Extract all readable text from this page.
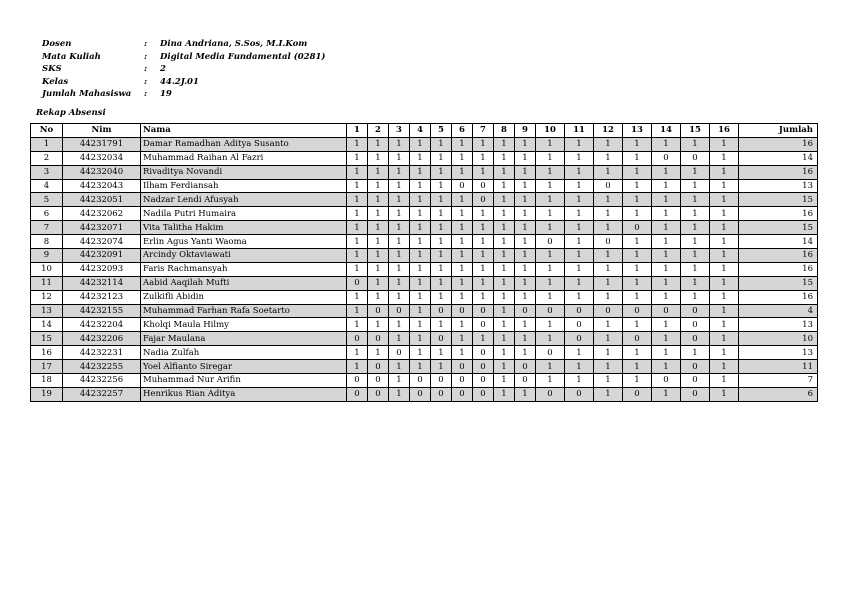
Dosen	:	Dina Andriana, S.Sos, M.I.Kom
Mata Kuliah	:	Digital Media Fundamental (0281)
SKS	:	2
Kelas	:	44.2J.01
Jumlah Mahasiswa	:	19
Rekap Absensi
No	Nim	Nama	1	2	3	4	5	6	7	8	9	10	11	12	13	14	15	16	Jumlah
1	44231791	Damar Ramadhan Aditya Susanto	1	1	1	1	1	1	1	1	1	1	1	1	1	1	1	1	16
2	44232034	Muhammad Raihan Al Fazri	1	1	1	1	1	1	1	1	1	1	1	1	1	0	0	1	14
3	44232040	Rivaditya Novandi	1	1	1	1	1	1	1	1	1	1	1	1	1	1	1	1	16
4	44232043	Ilham Ferdiansah	1	1	1	1	1	0	0	1	1	1	1	0	1	1	1	1	13
5	44232051	Nadzar Lendi Afusyah	1	1	1	1	1	1	0	1	1	1	1	1	1	1	1	1	15
6	44232062	Nadila Putri Humaira	1	1	1	1	1	1	1	1	1	1	1	1	1	1	1	1	16
7	44232071	Vita Talitha Hakim	1	1	1	1	1	1	1	1	1	1	1	1	0	1	1	1	15
8	44232074	Erlin Agus Yanti Waoma	1	1	1	1	1	1	1	1	1	0	1	0	1	1	1	1	14
9	44232091	Arcindy Oktaviawati	1	1	1	1	1	1	1	1	1	1	1	1	1	1	1	1	16
10	44232093	Faris Rachmansyah	1	1	1	1	1	1	1	1	1	1	1	1	1	1	1	1	16
11	44232114	Aabid Aaqilah Mufti	0	1	1	1	1	1	1	1	1	1	1	1	1	1	1	1	15
12	44232123	Zulkifli Abidin	1	1	1	1	1	1	1	1	1	1	1	1	1	1	1	1	16
13	44232155	Muhammad Farhan Rafa Soetarto	1	0	0	1	0	0	0	1	0	0	0	0	0	0	0	1	4
14	44232204	Kholqi Maula Hilmy	1	1	1	1	1	1	0	1	1	1	0	1	1	1	0	1	13
15	44232206	Fajar Maulana	0	0	1	1	0	1	1	1	1	1	0	1	0	1	0	1	10
16	44232231	Nadia Zulfah	1	1	0	1	1	1	0	1	1	0	1	1	1	1	1	1	13
17	44232255	Yoel Alfianto Siregar	1	0	1	1	1	0	0	1	0	1	1	1	1	1	0	1	11
18	44232256	Muhammad Nur Arifin	0	0	1	0	0	0	0	1	0	1	1	1	1	0	0	1	7
19	44232257	Henrikus Rian Aditya	0	0	1	0	0	0	0	1	1	0	0	1	0	1	0	1	6
